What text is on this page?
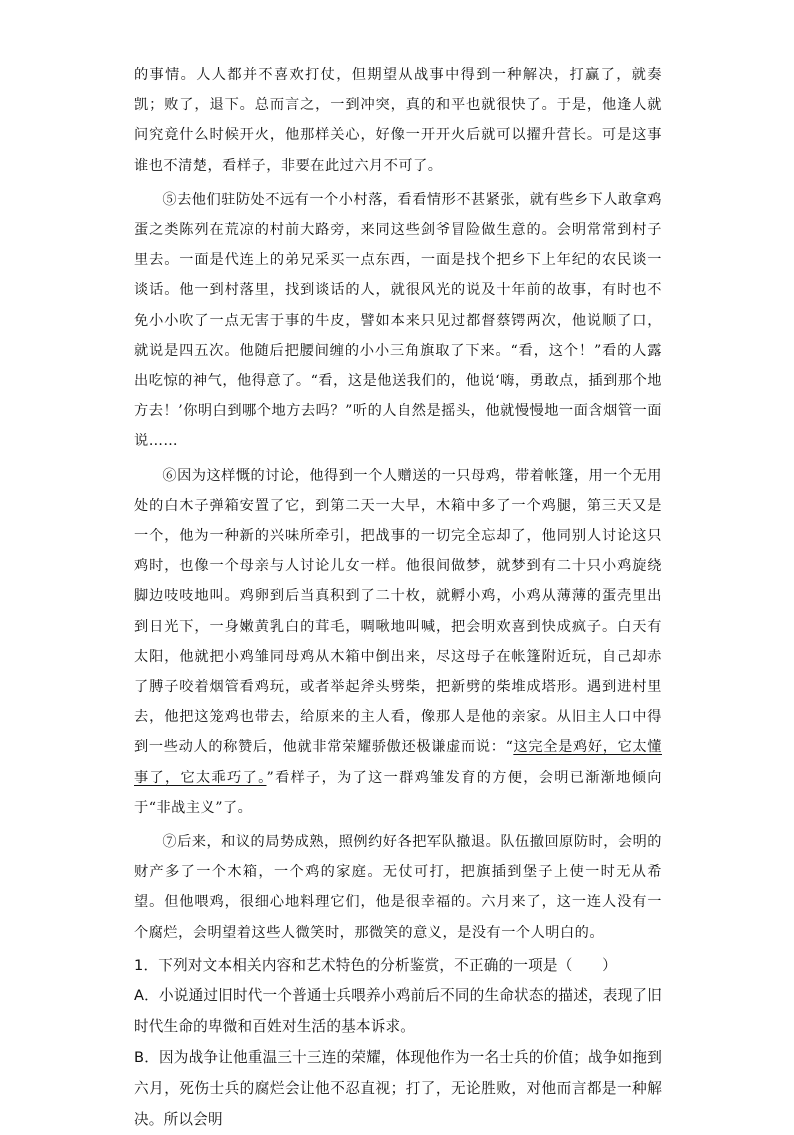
的事情。人人都并不喜欢打仗，但期望从战事中得到一种解决，打赢了，就奏凯；败了，退下。总而言之，一到冲突，真的和平也就很快了。于是，他逢人就问究竟什么时候开火，他那样关心，好像一开开火后就可以擢升营长。可是这事谁也不清楚，看样子，非要在此过六月不可了。

⑤去他们驻防处不远有一个小村落，看看情形不甚紧张，就有些乡下人敢拿鸡蛋之类陈列在荒凉的村前大路旁，来同这些剑爷冒险做生意的。会明常常到村子里去。一面是代连上的弟兄采买一点东西，一面是找个把乡下上年纪的农民谈一谈话。他一到村落里，找到谈话的人，就很风光的说及十年前的故事，有时也不免小小吹了一点无害于事的牛皮，譬如本来只见过都督蔡锷两次，他说顺了口，就说是四五次。他随后把腰间缠的小小三角旗取了下来。“看，这个！”看的人露出吃惊的神气，他得意了。“看，这是他送我们的，他说‘嗨，勇敢点，插到那个地方去！’你明白到哪个地方去吗？”听的人自然是摇头，他就慢慢地一面含烟管一面说……

⑥因为这样慨的讨论，他得到一个人赠送的一只母鸡，带着帐篷，用一个无用处的白木子弹箱安置了它，到第二天一大早，木箱中多了一个鸡腿，第三天又是一个，他为一种新的兴味所牵引，把战事的一切完全忘却了，他同别人讨论这只鸡时，也像一个母亲与人讨论儿女一样。他很间做梦，就梦到有二十只小鸡旋绕脚边吱吱地叫。鸡卵到后当真积到了二十枚，就孵小鸡，小鸡从薄薄的蛋壳里出到日光下，一身嫩黄乳白的茸毛，啁啾地叫喊，把会明欢喜到快成疯子。白天有太阳，他就把小鸡雏同母鸡从木箱中倒出来，尽这母子在帐篷附近玩，自己却赤了膊子咬着烟管看鸡玩，或者举起斧头劈柴，把新劈的柴堆成塔形。遇到进村里去，他把这笼鸡也带去，给原来的主人看，像那人是他的亲家。从旧主人口中得到一些动人的称赞后，他就非常荣耀骄傲还极谦虚而说：“这完全是鸡好，它太懂事了，它太乖巧了。”看样子，为了这一群鸡雏发育的方便，会明已渐渐地倾向于“非战主义”了。

⑦后来，和议的局势成熟，照例约好各把军队撤退。队伍撤回原防时，会明的财产多了一个木箱，一个鸡的家庭。无仗可打，把旗插到堡子上使一时无从希望。但他喂鸡，很细心地料理它们，他是很幸福的。六月来了，这一连人没有一个腐烂，会明望着这些人微笑时，那微笑的意义，是没有一个人明白的。

1．下列对文本相关内容和艺术特色的分析鉴赏，不正确的一项是（　　）

A．小说通过旧时代一个普通士兵喂养小鸡前后不同的生命状态的描述，表现了旧时代生命的卑微和百姓对生活的基本诉求。

B．因为战争让他重温三十三连的荣耀，体现他作为一名士兵的价值；战争如拖到六月，死伤士兵的腐烂会让他不忍直视；打了，无论胜败，对他而言都是一种解决。所以会明
